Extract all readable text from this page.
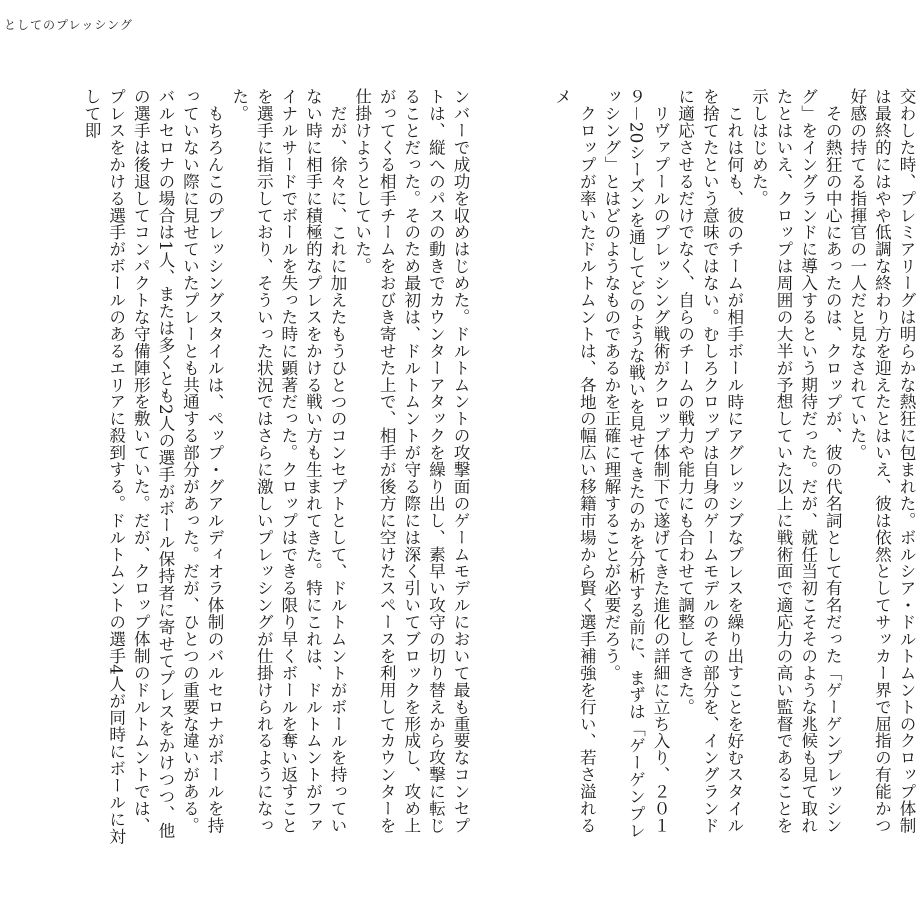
としてのプレッシング

交わした時、プレミアリーグは明らかな熱狂に包まれた。ボルシア・ドルトムントのクロップ体制は最終的にはやや低調な終わり方を迎えたとはいえ、彼は依然としてサッカー界で屈指の有能かつ好感の持てる指揮官の一人だと見なされていた。

その熱狂の中心にあったのは、クロップが、彼の代名詞として有名だった「ゲーゲンプレッシング」をイングランドに導入するという期待だった。だが、就任当初こそそのような兆候も見て取れたとはいえ、クロップは周囲の大半が予想していた以上に戦術面で適応力の高い監督であることを示しはじめた。

これは何も、彼のチームが相手ボール時にアグレッシブなプレスを繰り出すことを好むスタイルを捨てたという意味ではない。むしろクロップは自身のゲームモデルのその部分を、イングランドに適応させるだけでなく、自らのチームの戦力や能力にも合わせて調整してきた。

リヴァプールのプレッシング戦術がクロップ体制下で遂げてきた進化の詳細に立ち入り、２０１９－20シーズンを通してどのような戦いを見せてきたのかを分析する前に、まずは「ゲーゲンプレッシング」とはどのようなものであるかを正確に理解することが必要だろう。

クロップが率いたドルトムントは、各地の幅広い移籍市場から賢く選手補強を行い、若さ溢れるメ

ンバーで成功を収めはじめた。ドルトムントの攻撃面のゲームモデルにおいて最も重要なコンセプトは、縦へのパスの動きでカウンターアタックを繰り出し、素早い攻守の切り替えから攻撃に転じることだった。そのため最初は、ドルトムントが守る際には深く引いてブロックを形成し、攻め上がってくる相手チームをおびき寄せた上で、相手が後方に空けたスペースを利用してカウンターを仕掛けようとしていた。

だが、徐々に、これに加えたもうひとつのコンセプトとして、ドルトムントがボールを持っていない時に相手に積極的なプレスをかける戦い方も生まれてきた。特にこれは、ドルトムントがファイナルサードでボールを失った時に顕著だった。クロップはできる限り早くボールを奪い返すことを選手に指示しており、そういった状況ではさらに激しいプレッシングが仕掛けられるようになった。

もちろんこのプレッシングスタイルは、ペップ・グアルディオラ体制のバルセロナがボールを持っていない際に見せていたプレーとも共通する部分があった。だが、ひとつの重要な違いがある。バルセロナの場合は1人、または多くとも2人の選手がボール保持者に寄せてプレスをかけつつ、他の選手は後退してコンパクトな守備陣形を敷いていた。だが、クロップ体制のドルトムントでは、プレスをかける選手がボールのあるエリアに殺到する。ドルトムントの選手4人が同時にボールに対して即
